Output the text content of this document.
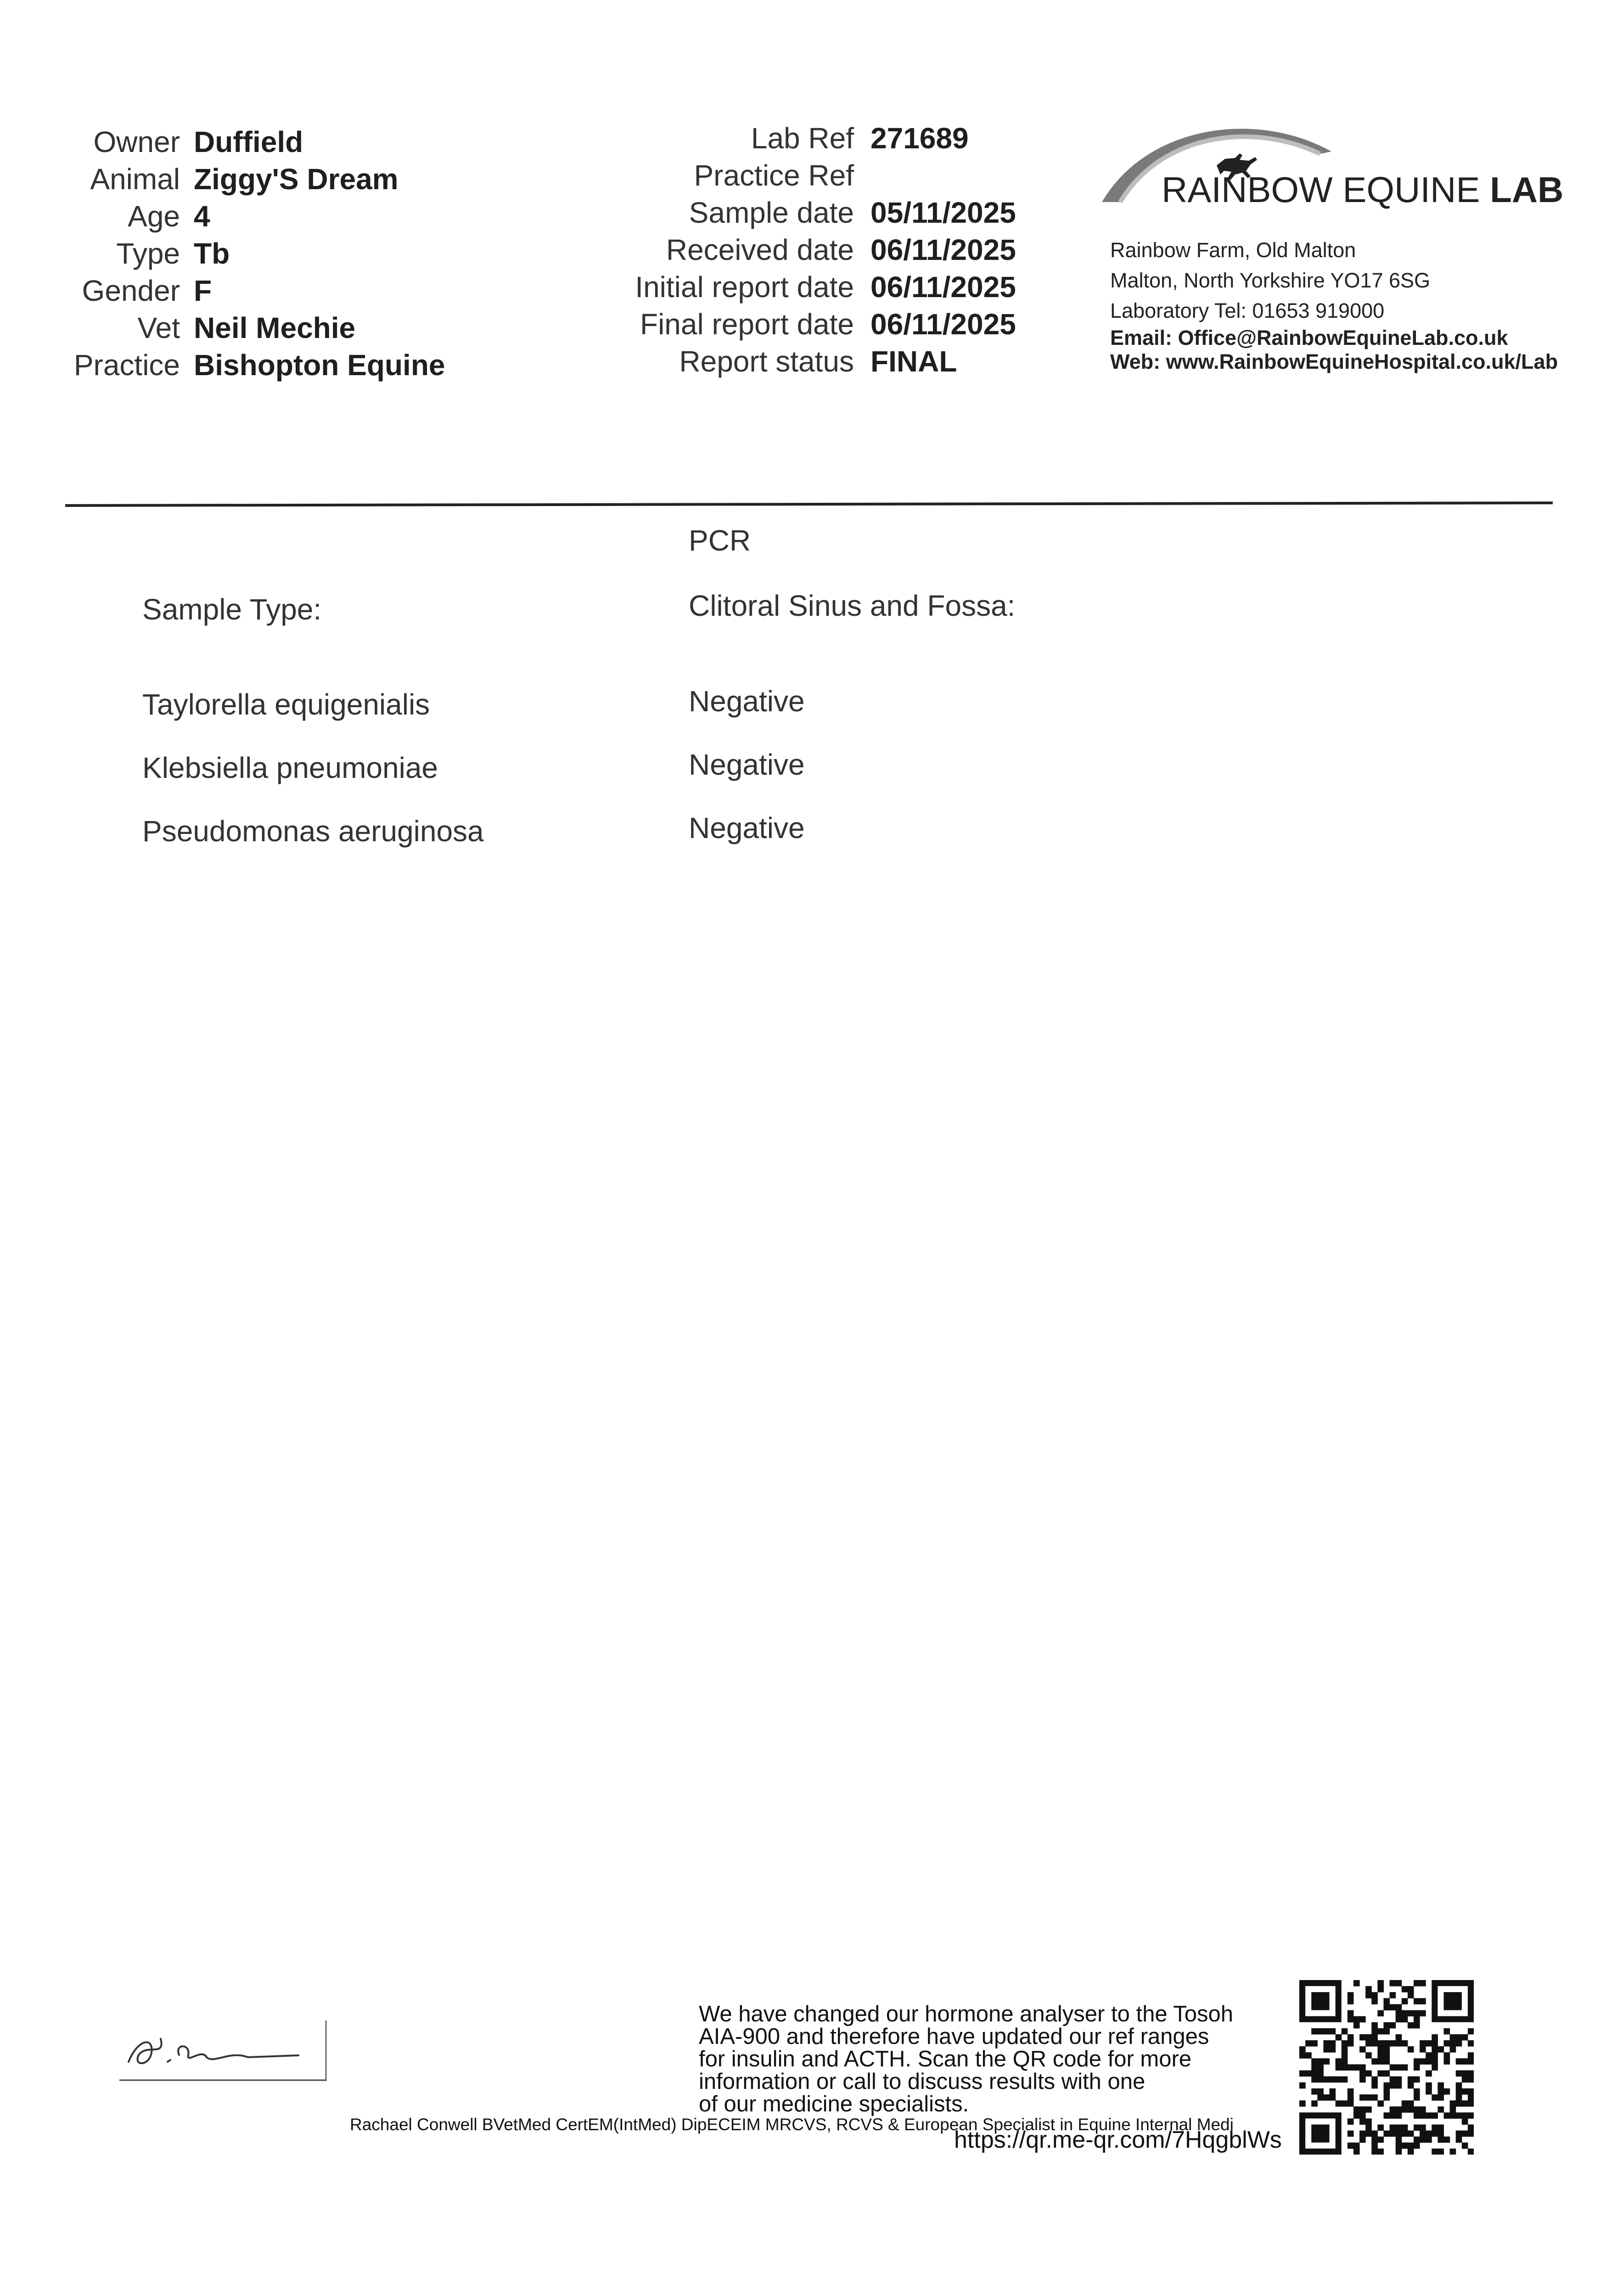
Owner Duffield
Animal Ziggy'S Dream
Age 4
Type Tb
Gender F
Vet Neil Mechie
Practice Bishopton Equine
Lab Ref 271689
Practice Ref
Sample date 05/11/2025
Received date 06/11/2025
Initial report date 06/11/2025
Final report date 06/11/2025
Report status FINAL
RAINBOW EQUINE LAB
Rainbow Farm, Old Malton
Malton, North Yorkshire YO17 6SG
Laboratory Tel: 01653 919000
Email: Office@RainbowEquineLab.co.uk
Web: www.RainbowEquineHospital.co.uk/Lab
PCR
Sample Type:	Clitoral Sinus and Fossa:
Taylorella equigenialis	Negative
Klebsiella pneumoniae	Negative
Pseudomonas aeruginosa	Negative
We have changed our hormone analyser to the Tosoh
AIA-900 and therefore have updated our ref ranges
for insulin and ACTH. Scan the QR code for more
information or call to discuss results with one
of our medicine specialists.
Rachael Conwell BVetMed CertEM(IntMed) DipECEIM MRCVS, RCVS & European Specialist in Equine Internal Medi
https://qr.me-qr.com/7HqgblWs
